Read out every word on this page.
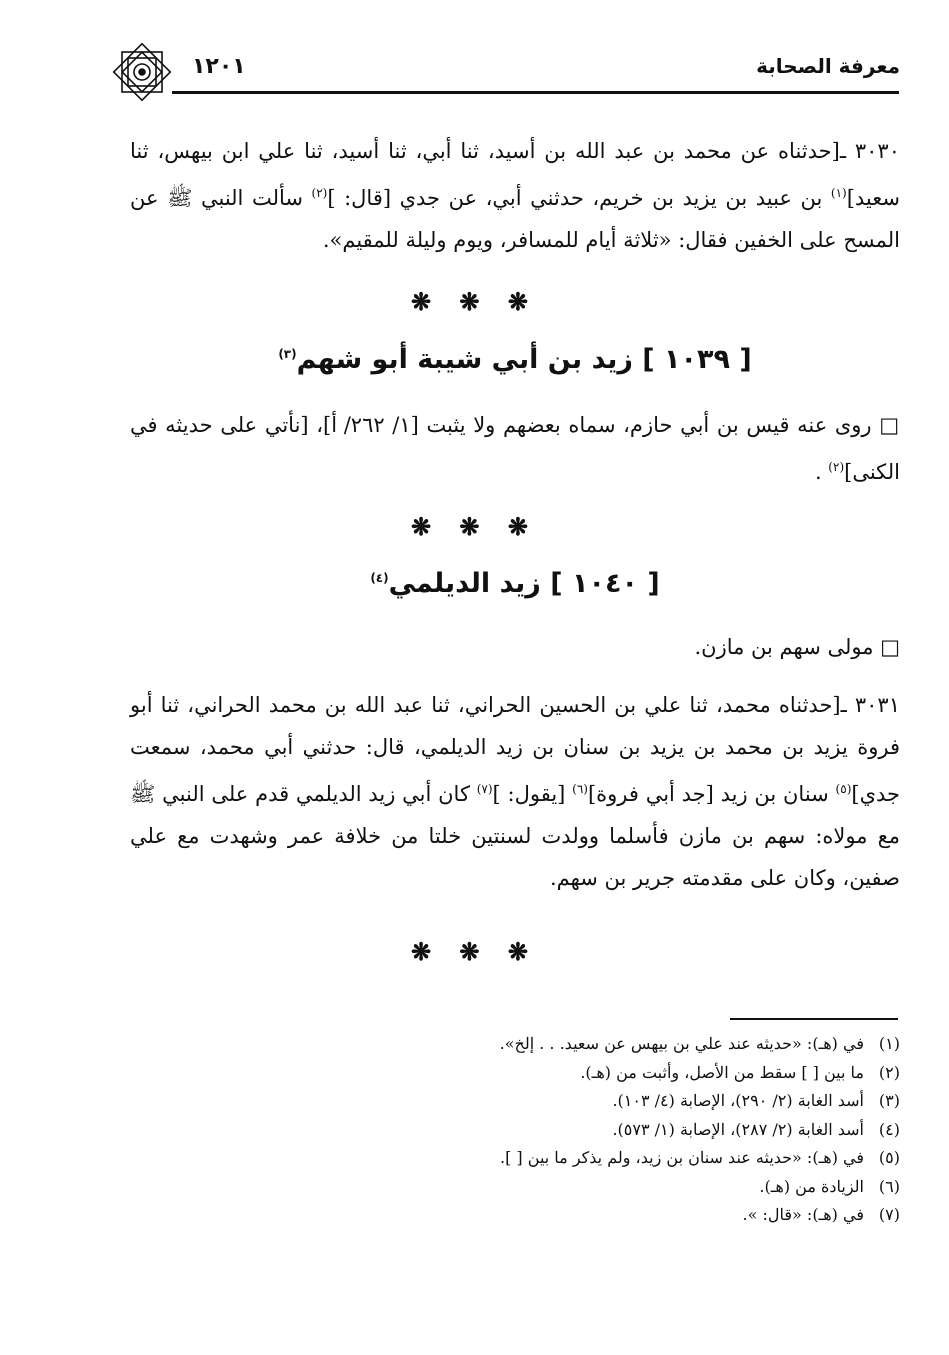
معرفة الصحابة
١٢٠١

٣٠٣٠ ـ[حدثناه عن محمد بن عبد الله بن أسيد، ثنا أبي، ثنا أسيد، ثنا علي ابن بيهس، ثنا سعيد]$^{(١)}$ بن عبيد بن يزيد بن خريم، حدثني أبي، عن جدي [قال: ]$^{(٢)}$ سألت النبي ﷺ عن المسح على الخفين فقال: «ثلاثة أيام للمسافر، ويوم وليلة للمقيم».

❋ ❋ ❋
[ ١٠٣٩ ] زيد بن أبي شيبة أبو شهم$^{(٣)}$

□ روى عنه قيس بن أبي حازم، سماه بعضهم ولا يثبت [١/ ٢٦٢/ أ]، [نأتي على حديثه في الكنى]$^{(٢)}$ .

❋ ❋ ❋
[ ١٠٤٠ ] زيد الديلمي$^{(٤)}$

□ مولى سهم بن مازن.

٣٠٣١ ـ[حدثناه محمد، ثنا علي بن الحسين الحراني، ثنا عبد الله بن محمد الحراني، ثنا أبو فروة يزيد بن محمد بن يزيد بن سنان بن زيد الديلمي، قال: حدثني أبي محمد، سمعت جدي]$^{(٥)}$ سنان بن زيد [جد أبي فروة]$^{(٦)}$ [يقول: ]$^{(٧)}$ كان أبي زيد الديلمي قدم على النبي ﷺ مع مولاه: سهم بن مازن فأسلما وولدت لسنتين خلتا من خلافة عمر وشهدت مع علي صفين، وكان على مقدمته جرير بن سهم.

❋ ❋ ❋

(١)في (هـ): «حديثه عند علي بن بيهس عن سعيد. . . إلخ».

(٢)ما بين [ ] سقط من الأصل، وأثبت من (هـ).

(٣)أسد الغابة (٢/ ٢٩٠)، الإصابة (٤/ ١٠٣).

(٤)أسد الغابة (٢/ ٢٨٧)، الإصابة (١/ ٥٧٣).

(٥)في (هـ): «حديثه عند سنان بن زيد، ولم يذكر ما بين [ ].

(٦)الزيادة من (هـ).

(٧)في (هـ): «قال: ».
